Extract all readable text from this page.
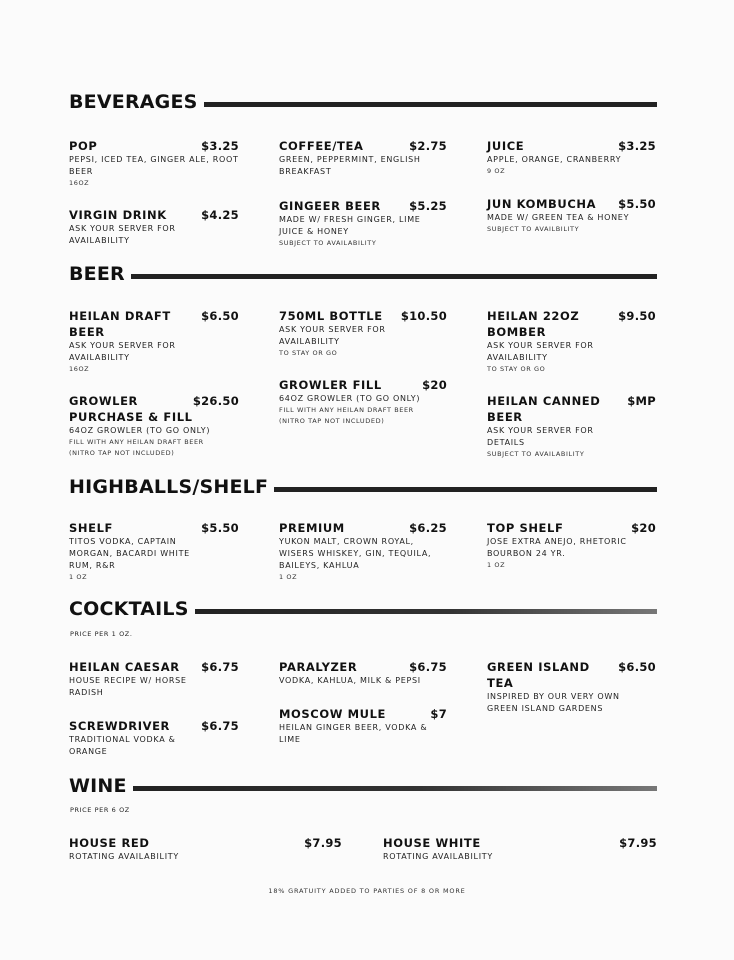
BEVERAGES
POP	$3.25
PEPSI, ICED TEA, GINGER ALE, ROOT BEER
16OZ
COFFEE/TEA	$2.75
GREEN, PEPPERMINT, ENGLISH BREAKFAST
JUICE	$3.25
APPLE, ORANGE, CRANBERRY
9 OZ
VIRGIN DRINK	$4.25
ASK YOUR SERVER FOR AVAILABILITY
GINGEER BEER $5.25
MADE W/ FRESH GINGER, LIME JUICE & HONEY
SUBJECT TO AVAILABILITY
JUN KOMBUCHA $5.50
MADE W/ GREEN TEA & HONEY
SUBJECT TO AVAILBILITY
BEER
HEILAN DRAFT BEER
$6.50
ASK YOUR SERVER FOR AVAILABILITY
16OZ
750ML BOTTLE $10.50
ASK YOUR SERVER FOR AVAILABILITY
TO STAY OR GO
HEILAN 22OZ BOMBER
$9.50
ASK YOUR SERVER FOR AVAILABILITY
TO STAY OR GO
GROWLER FILL	$20
64OZ GROWLER (TO GO ONLY)
FILL WITH ANY HEILAN DRAFT BEER (NITRO TAP NOT INCLUDED)
GROWLER PURCHASE & FILL
$26.50
64OZ GROWLER (TO GO ONLY)
FILL WITH ANY HEILAN DRAFT BEER (NITRO TAP NOT INCLUDED)
HEILAN CANNED BEER
$MP
ASK YOUR SERVER FOR DETAILS
SUBJECT TO AVAILABILITY
HIGHBALLS/SHELF
SHELF	$5.50
TITOS VODKA, CAPTAIN MORGAN, BACARDI WHITE RUM, R&R
1 OZ
PREMIUM	$6.25
YUKON MALT, CROWN ROYAL, WISERS WHISKEY, GIN, TEQUILA, BAILEYS, KAHLUA
1 OZ
TOP SHELF	$20
JOSE EXTRA ANEJO, RHETORIC BOURBON 24 YR.
1 OZ
COCKTAILS
PRICE PER 1 OZ.
HEILAN CAESAR $6.75
HOUSE RECIPE W/ HORSE RADISH
PARALYZER	$6.75
VODKA, KAHLUA, MILK & PEPSI
GREEN ISLAND TEA
$6.50
INSPIRED BY OUR VERY OWN GREEN ISLAND GARDENS
MOSCOW MULE	$7
HEILAN GINGER BEER, VODKA & LIME
SCREWDRIVER	$6.75
TRADITIONAL VODKA & ORANGE
WINE
PRICE PER 6 OZ
HOUSE RED	$7.95
ROTATING AVAILABILITY
HOUSE WHITE	$7.95
ROTATING AVAILABILITY
18% GRATUITY ADDED TO PARTIES OF 8 OR MORE
